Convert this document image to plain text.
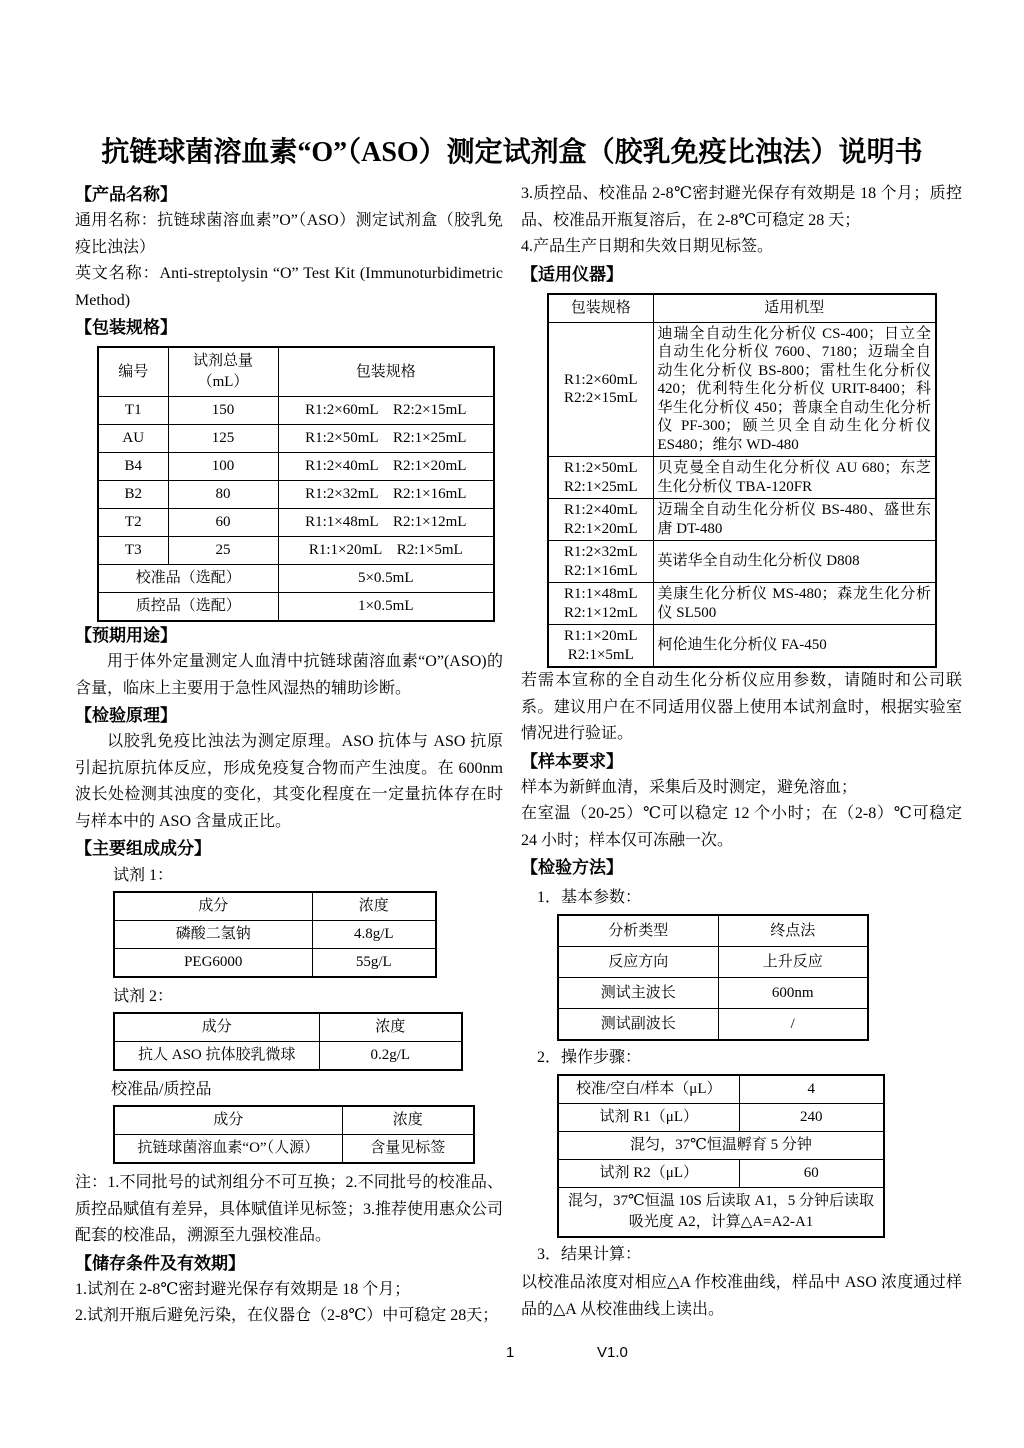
抗链球菌溶血素“O”（ASO）测定试剂盒（胶乳免疫比浊法）说明书
【产品名称】

通用名称：抗链球菌溶血素”O”（ASO）测定试剂盒（胶乳免疫比浊法）

英文名称：Anti-streptolysin “O” Test Kit (Immunoturbidimetric Method)

【包装规格】
编号	试剂总量（mL）	包装规格
T1	150	R1:2×60mL　R2:2×15mL
AU	125	R1:2×50mL　R2:1×25mL
B4	100	R1:2×40mL　R2:1×20mL
B2	80	R1:2×32mL　R2:1×16mL
T2	60	R1:1×48mL　R2:1×12mL
T3	25	R1:1×20mL　R2:1×5mL
校准品（选配）		5×0.5mL
质控品（选配）		1×0.5mL
【预期用途】

用于体外定量测定人血清中抗链球菌溶血素“O”(ASO)的含量，临床上主要用于急性风湿热的辅助诊断。

【检验原理】

以胶乳免疫比浊法为测定原理。ASO 抗体与 ASO 抗原引起抗原抗体反应，形成免疫复合物而产生浊度。在 600nm波长处检测其浊度的变化，其变化程度在一定量抗体存在时与样本中的 ASO 含量成正比。

【主要组成成分】
试剂 1：
成分	浓度
磷酸二氢钠	4.8g/L
PEG6000	55g/L
试剂 2：
成分	浓度
抗人 ASO 抗体胶乳微球	0.2g/L
校准品/质控品
成分	浓度
抗链球菌溶血素“O”（人源）	含量见标签

注：1.不同批号的试剂组分不可互换；2.不同批号的校准品、质控品赋值有差异，具体赋值详见标签；3.推荐使用惠众公司配套的校准品，溯源至九强校准品。

【储存条件及有效期】

1.试剂在 2-8℃密封避光保存有效期是 18 个月；

2.试剂开瓶后避免污染，在仪器仓（2-8℃）中可稳定 28天；

3.质控品、校准品 2-8℃密封避光保存有效期是 18 个月；质控品、校准品开瓶复溶后，在 2-8℃可稳定 28 天；

4.产品生产日期和失效日期见标签。

【适用仪器】
包装规格	适用机型

R1:2×60mL
R2:2×15mL	迪瑞全自动生化分析仪 CS-400；日立全自动生化分析仪 7600、7180；迈瑞全自动生化分析仪 BS-800；雷杜生化分析仪 420；优利特生化分析仪 URIT-8400；科华生化分析仪 450；普康全自动生化分析仪 PF-300；颐兰贝全自动生化分析仪 ES480；维尔 WD-480

R1:2×50mL
R2:1×25mL	贝克曼全自动生化分析仪 AU 680；东芝生化分析仪 TBA-120FR

R1:2×40mL
R2:1×20mL	迈瑞全自动生化分析仪 BS-480、盛世东唐 DT-480

R1:2×32mL
R2:1×16mL	英诺华全自动生化分析仪 D808

R1:1×48mL
R2:1×12mL	美康生化分析仪 MS-480；森龙生化分析仪 SL500

R1:1×20mL
R2:1×5mL	柯伦迪生化分析仪 FA-450

若需本宣称的全自动生化分析仪应用参数，请随时和公司联系。建议用户在不同适用仪器上使用本试剂盒时，根据实验室情况进行验证。

【样本要求】

样本为新鲜血清，采集后及时测定，避免溶血；

在室温（20-25）℃可以稳定 12 个小时；在（2-8）℃可稳定 24 小时；样本仅可冻融一次。

【检验方法】

1．基本参数：

分析类型	终点法
反应方向	上升反应
测试主波长	600nm
测试副波长	/

2．操作步骤：

校准/空白/样本（μL）	4
试剂 R1（μL）	240
混匀，37℃恒温孵育 5 分钟	
试剂 R2（μL）	60
混匀，37℃恒温 10S 后读取 A1，5 分钟后读取吸光度 A2，计算△A=A2-A1	

3．结果计算：

以校准品浓度对相应△A 作校准曲线，样品中 ASO 浓度通过样品的△A 从校准曲线上读出。

1	V1.0
